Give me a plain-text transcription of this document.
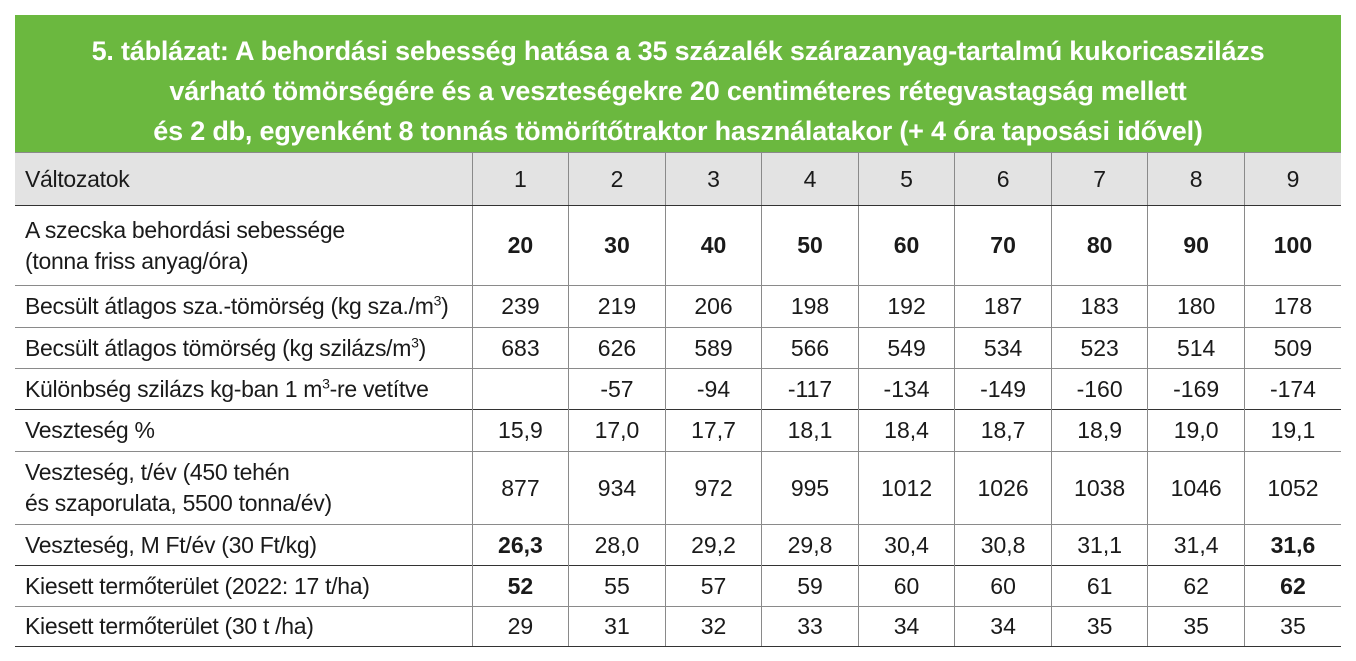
5. táblázat: A behordási sebesség hatása a 35 százalék szárazanyag-tartalmú kukoricaszilázs
várható tömörségére és a veszteségekre 20 centiméteres rétegvastagság mellett
és 2 db, egyenként 8 tonnás tömörítőtraktor használatakor (+ 4 óra taposási idővel)
Változatok	1	2	3	4	5	6	7	8	9

A szecska behordási sebessége
(tonna friss anyag/óra)	20	30	40	50	60	70	80	90	100
Becsült átlagos sza.-tömörség (kg $sza./m^3$)	239	219	206	198	192	187	183	180	178
Becsült átlagos tömörség (kg szilázs/$m^3$)	683	626	589	566	549	534	523	514	509
Különbség szilázs kg-ban 1 $m^3-re$ vetítve		-57	-94	-117	-134	-149	-160	-169	-174
Veszteség %	15,9	17,0	17,7	18,1	18,4	18,7	18,9	19,0	19,1

Veszteség, t/év (450 tehén
és szaporulata, 5500 tonna/év)	877	934	972	995	1012	1026	1038	1046	1052
Veszteség, M Ft/év (30 Ft/kg)	26,3	28,0	29,2	29,8	30,4	30,8	31,1	31,4	31,6
Kiesett termőterület (2022: 17 t/ha)	52	55	57	59	60	60	61	62	62
Kiesett termőterület (30 t /ha)	29	31	32	33	34	34	35	35	35
